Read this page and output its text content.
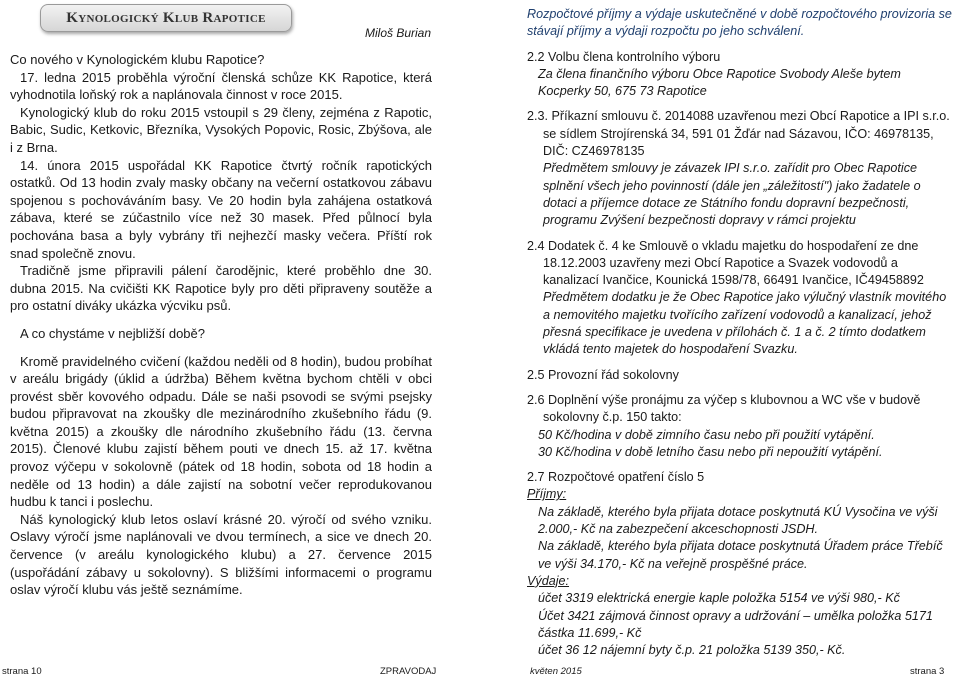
Kynologický Klub Rapotice
Miloš Burian

Co nového v Kynologickém klubu Rapotice?

17. ledna 2015 proběhla výroční členská schůze KK Rapotice, která vyhodnotila loňský rok a naplánovala činnost v roce 2015.

Kynologický klub do roku 2015 vstoupil s 29 členy, zejména z Rapotic, Babic, Sudic, Ketkovic, Březníka, Vysokých Popovic, Rosic, Zbýšova, ale i z Brna.

14. února 2015 uspořádal KK Rapotice čtvrtý ročník rapotických ostatků. Od 13 hodin zvaly masky občany na večerní ostatkovou zábavu spojenou s pochováváním basy. Ve 20 hodin byla zahájena ostatková zábava, které se zúčastnilo více než 30 masek. Před půlnocí byla pochována basa a byly vybrány tři nejhezčí masky večera. Příští rok snad společně znovu.

Tradičně jsme připravili pálení čarodějnic, které proběhlo dne 30. dubna 2015. Na cvičišti KK Rapotice byly pro děti připraveny soutěže a pro ostatní diváky ukázka výcviku psů.

A co chystáme v nejbližší době?

Kromě pravidelného cvičení (každou neděli od 8 hodin), budou probíhat v areálu brigády (úklid a údržba) Během května bychom chtěli v obci provést sběr kovového odpadu. Dále se naši psovodi se svými psejsky budou připravovat na zkoušky dle mezinárodního zkušebního řádu (9. května 2015) a zkoušky dle národního zkušebního řádu (13. června 2015). Členové klubu zajistí během pouti ve dnech 15. až 17. května provoz výčepu v sokolovně (pátek od 18 hodin, sobota od 18 hodin a neděle od 13 hodin) a dále zajistí na sobotní večer reprodukovanou hudbu k tanci i poslechu.

Náš kynologický klub letos oslaví krásné 20. výročí od svého vzniku. Oslavy výročí jsme naplánovali ve dvou termínech, a sice ve dnech 20. července (v areálu kynologického klubu) a 27. července 2015 (uspořádání zábavy u sokolovny). S bližšími informacemi o programu oslav výročí klubu vás ještě seznámíme.

Rozpočtové příjmy a výdaje uskutečněné v době rozpočtového provizoria se stávají příjmy a výdaji rozpočtu po jeho schválení.

2.2 Volbu člena kontrolního výboru

Za člena finančního výboru Obce Rapotice Svobody Aleše bytem Kocperky 50, 675 73 Rapotice

2.3. Příkazní smlouvu č. 2014088 uzavřenou mezi Obcí Rapotice a IPI s.r.o. se sídlem Strojírenská 34, 591 01 Žďár nad Sázavou, IČO: 46978135, DIČ: CZ46978135

Předmětem smlouvy je závazek IPI s.r.o. zařídit pro Obec Rapotice splnění všech jeho povinností (dále jen „záležitostí") jako žadatele o dotaci a příjemce dotace ze Státního fondu dopravní bezpečnosti, programu Zvýšení bezpečnosti dopravy v rámci projektu

2.4 Dodatek č. 4 ke Smlouvě o vkladu majetku do hospodaření ze dne 18.12.2003 uzavřeny mezi Obcí Rapotice a Svazek vodovodů a kanalizací Ivančice, Kounická 1598/78, 66491 Ivančice, IČ49458892

Předmětem dodatku je že Obec Rapotice jako výlučný vlastník movitého a nemovitého majetku tvořícího zařízení vodovodů a kanalizací, jehož přesná specifikace je uvedena v přílohách č. 1 a č. 2 tímto dodatkem vkládá tento majetek do hospodaření Svazku.

2.5 Provozní řád sokolovny

2.6 Doplnění výše pronájmu za výčep s klubovnou a WC vše v budově sokolovny č.p. 150 takto:

50 Kč/hodina v době zimního času nebo při použití vytápění.

30 Kč/hodina v době letního času nebo při nepoužití vytápění.

2.7 Rozpočtové opatření číslo 5

Příjmy:

Na základě, kterého byla přijata dotace poskytnutá KÚ Vysočina ve výši 2.000,- Kč na zabezpečení akceschopnosti JSDH.

Na základě, kterého byla přijata dotace poskytnutá Úřadem práce Třebíč ve výši 34.170,- Kč na veřejně prospěšné práce.

Výdaje:

účet 3319 elektrická energie kaple položka 5154 ve výši 980,- Kč

Účet 3421 zájmová činnost opravy a udržování – umělka položka 5171 částka 11.699,- Kč

účet 36 12 nájemní byty č.p. 21 položka 5139 350,- Kč.

strana 10	ZPRAVODAJ	květen 2015	strana 3
